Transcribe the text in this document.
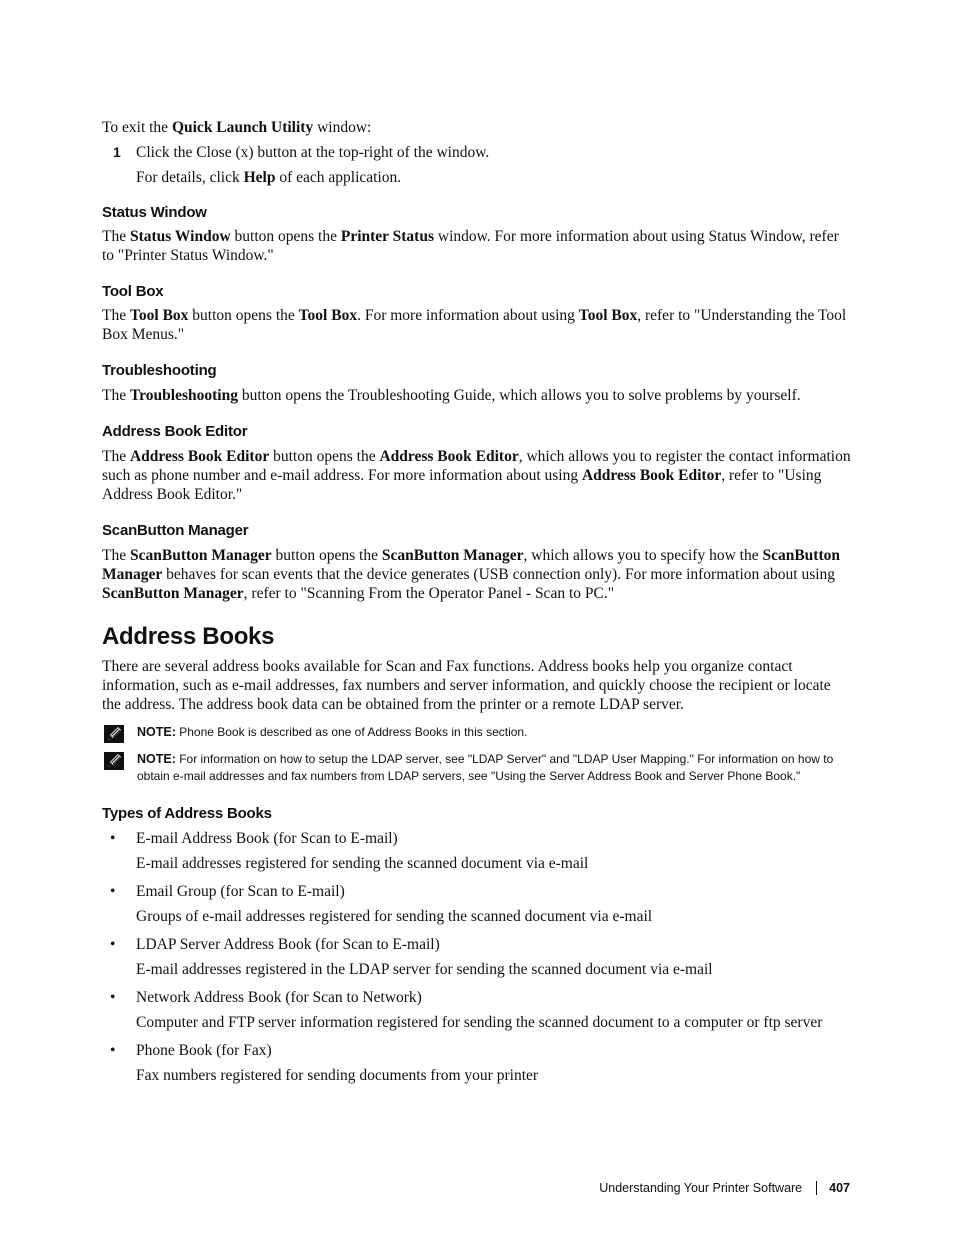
To exit the Quick Launch Utility window:

1 Click the Close (x) button at the top-right of the window.

For details, click Help of each application.

Status Window

The Status Window button opens the Printer Status window. For more information about using Status Window, refer to "Printer Status Window."

Tool Box

The Tool Box button opens the Tool Box. For more information about using Tool Box, refer to "Understanding the Tool Box Menus."

Troubleshooting

The Troubleshooting button opens the Troubleshooting Guide, which allows you to solve problems by yourself.

Address Book Editor

The Address Book Editor button opens the Address Book Editor, which allows you to register the contact information such as phone number and e-mail address. For more information about using Address Book Editor, refer to "Using Address Book Editor."

ScanButton Manager

The ScanButton Manager button opens the ScanButton Manager, which allows you to specify how the ScanButton Manager behaves for scan events that the device generates (USB connection only). For more information about using ScanButton Manager, refer to "Scanning From the Operator Panel - Scan to PC."

Address Books

There are several address books available for Scan and Fax functions. Address books help you organize contact information, such as e-mail addresses, fax numbers and server information, and quickly choose the recipient or locate the address. The address book data can be obtained from the printer or a remote LDAP server.

NOTE: Phone Book is described as one of Address Books in this section.
NOTE: For information on how to setup the LDAP server, see "LDAP Server" and "LDAP User Mapping." For information on how to obtain e-mail addresses and fax numbers from LDAP servers, see "Using the Server Address Book and Server Phone Book."
Types of Address Books

• E-mail Address Book (for Scan to E-mail)

E-mail addresses registered for sending the scanned document via e-mail

• Email Group (for Scan to E-mail)

Groups of e-mail addresses registered for sending the scanned document via e-mail

• LDAP Server Address Book (for Scan to E-mail)

E-mail addresses registered in the LDAP server for sending the scanned document via e-mail

• Network Address Book (for Scan to Network)

Computer and FTP server information registered for sending the scanned document to a computer or ftp server

• Phone Book (for Fax)

Fax numbers registered for sending documents from your printer

Understanding Your Printer Software 407
